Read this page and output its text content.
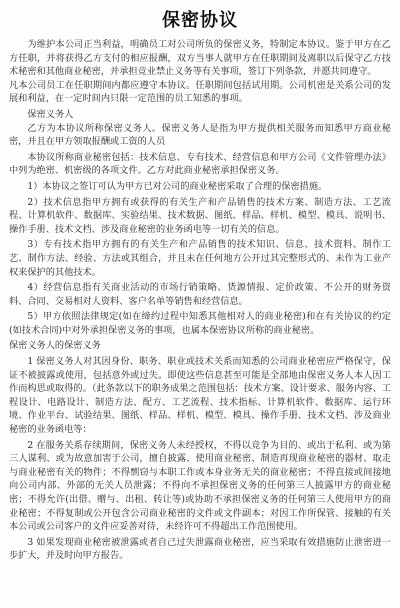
保密协议

为维护本公司正当利益，明确员工对公司所负的保密义务，特制定本协议。鉴于甲方在乙方任职，并将获得乙方支付的相应报酬，双方当事人就甲方在任职期间及离职以后保守乙方技术秘密和其他商业秘密，并承担竞业禁止义务等有关事项，签订下列条款，并愿共同遵守。

凡本公司员工在任职期间内都应遵守本协议。任职期间包括试用期。公司机密是关系公司的发展和利益，在一定时间内只限一定范围的员工知悉的事项。

保密义务人

乙方为本协议所称保密义务人。保密义务人是指为甲方提供相关服务而知悉甲方商业秘密，并且在甲方领取报酬或工资的人员

本协议所称商业秘密包括：技术信息、专有技术、经营信息和甲方公司《文件管理办法》中列为绝密、机密级的各项文件。乙方对此商业秘密承担保密义务。

1）本协议之签订可认为甲方已对公司的商业秘密采取了合理的保密措施。

2）技术信息指甲方拥有或获得的有关生产和产品销售的技术方案、制造方法、工艺流程、计算机软件、数据库、实验结果、技术数据、图纸、样品、样机、模型、模具、说明书、操作手册、技术文档、涉及商业秘密的业务函电等一切有关的信息。

3）专有技术指甲方拥有的有关生产和产品销售的技术知识、信息、技术资料、制作工艺、制作方法、经验、方法或其组合，并且未在任何地方公开过其完整形式的、未作为工业产权来保护的其他技术。

4）经营信息指有关商业活动的市场行销策略、货源情报、定价政策、不公开的财务资料、合同、交易相对人资料、客户名单等销售和经营信息。

5）甲方依照法律规定(如在缔约过程中知悉其他相对人的商业秘密)和在有关协议的约定(如技术合同)中对外承担保密义务的事项，也属本保密协议所称的商业秘密。

保密义务人的保密义务

1 保密义务人对其因身份、职务、职业或技术关系而知悉的公司商业秘密应严格保守，保证不被披露或使用，包括意外或过失。即使这些信息甚至可能是全部地由保密义务人本人因工作而构思或取得的。（此条款以下的职务成果之范围包括：技术方案、设计要求、服务内容、工程设计、电路设计、制造方法、配方、工艺流程、技术指标、计算机软件、数据库、运行环境、作业平台、试验结果、图纸、样品、样机、模型、模具、操作手册、技术文档、涉及商业秘密的业务函电等：

2 在服务关系存续期间，保密义务人未经授权，不得以竞争为目的、或出于私利、或为第三人谋利、或为故意加害于公司，擅自披露、使用商业秘密、制造再现商业秘密的器材、取走与商业秘密有关的物件；不得剽窃与本职工作或本身业务无关的商业秘密；不得直接或间接地向公司内部、外部的无关人员泄露；不得向不承担保密义务的任何第三人披露甲方的商业秘密；不得允许(出借、赠与、出租、转让等)或协助不承担保密义务的任何第三人使用甲方的商业秘密；不得复制或公开包含公司商业秘密的文件或文件副本；对因工作所保管、接触的有关本公司或公司客户的文件应妥善对待，未经许可不得超出工作范围使用。

3 如果发现商业秘密被泄露或者自己过失泄露商业秘密，应当采取有效措施防止泄密进一步扩大，并及时向甲方报告。
